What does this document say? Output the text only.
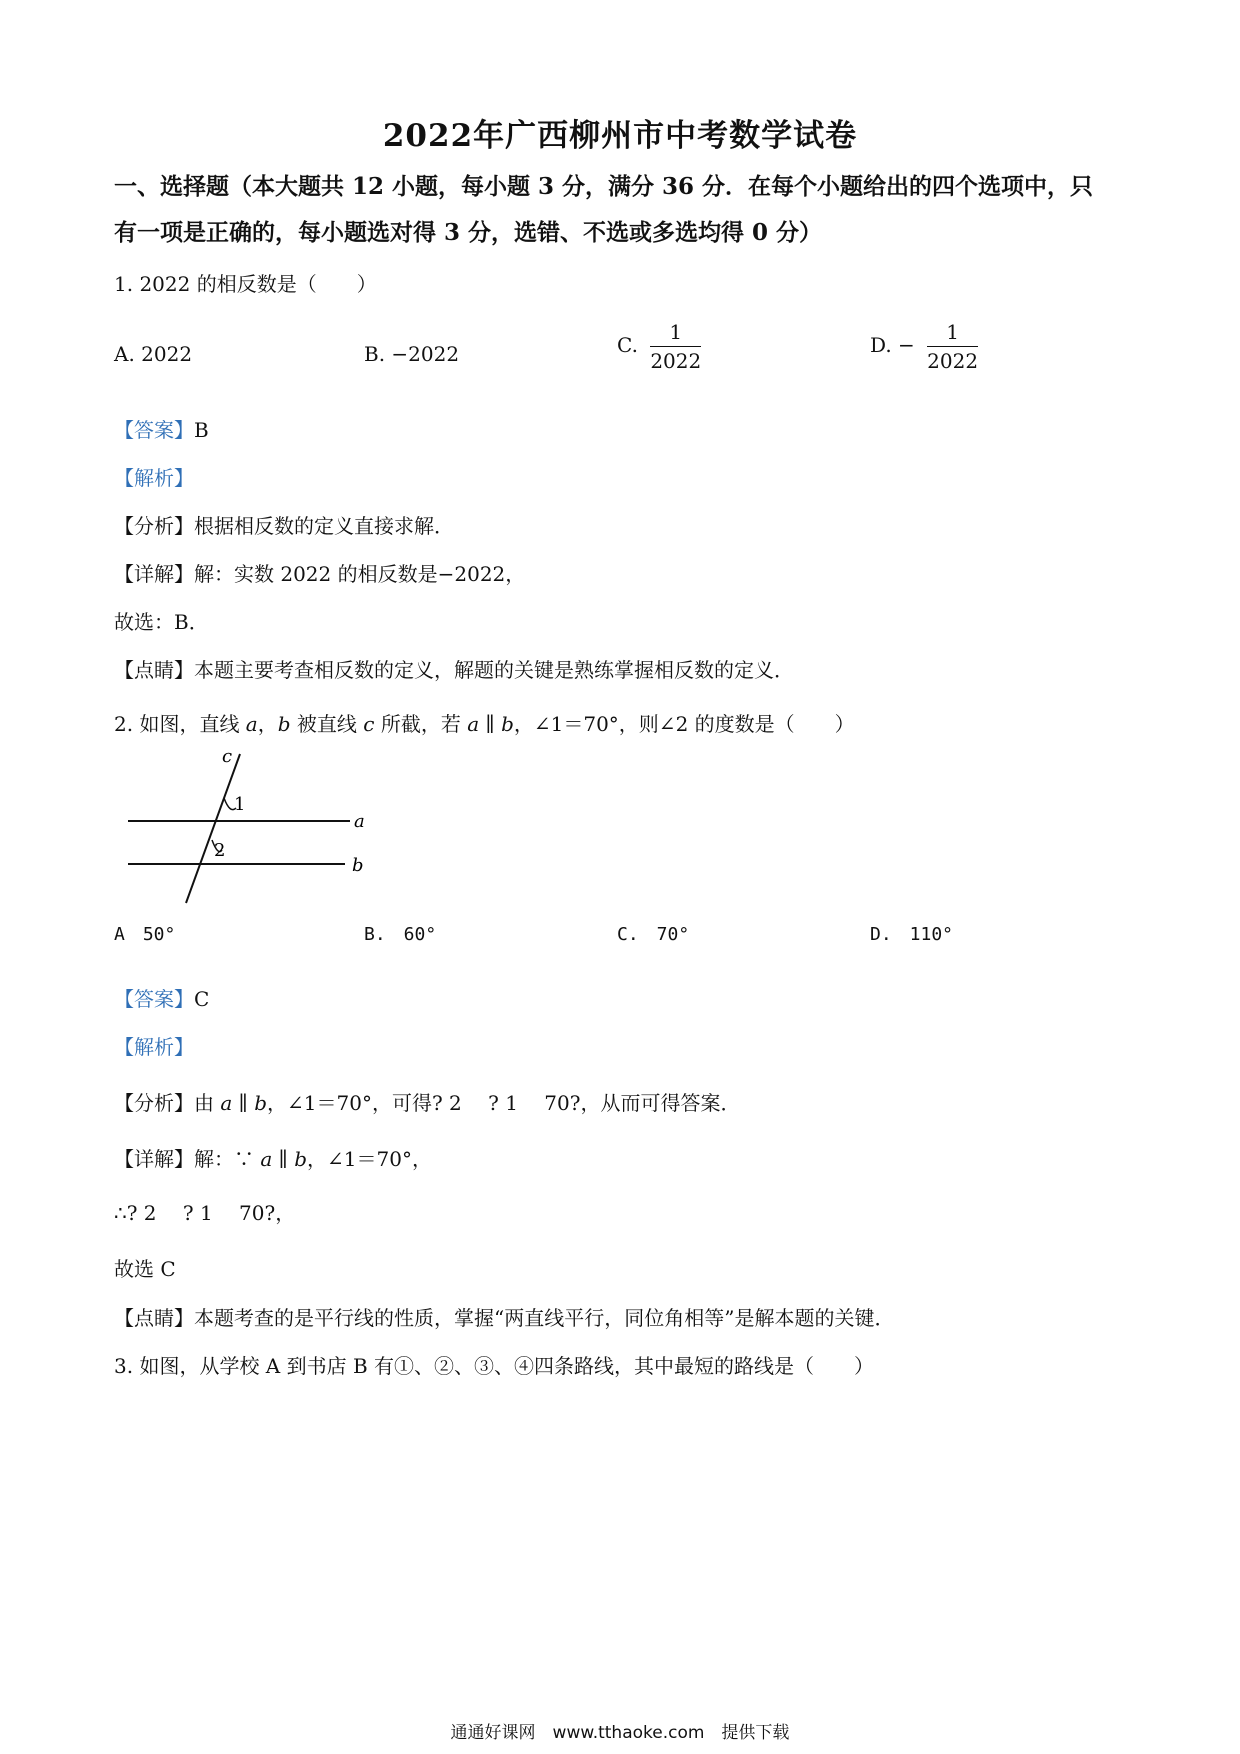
2022年广西柳州市中考数学试卷
一、选择题（本大题共 12 小题，每小题 3 分，满分 36 分．在每个小题给出的四个选项中，只
有一项是正确的，每小题选对得 3 分，选错、不选或多选均得 0 分）
1. 2022 的相反数是（　　）
A. 2022	B. −2022	C. $\frac{1}{2022}$	D. − $\frac{1}{2022}$
【答案】B
【解析】
【分析】根据相反数的定义直接求解．
【详解】解：实数 2022 的相反数是−2022，
故选：B．
【点睛】本题主要考查相反数的定义，解题的关键是熟练掌握相反数的定义．
2. 如图，直线 a，b 被直线 c 所截，若 a ∥ b，∠1＝70°，则∠2 的度数是（　　）
c
1
2
a
b
A　50°	B.　60°	C.　70°	D.　110°
【答案】C
【解析】
【分析】由 a ∥ b，∠1＝70°，可得? 2　 ? 1　 70?，从而可得答案．
【详解】解：∵ a ∥ b，∠1＝70°，
∴? 2　 ? 1　 70?，
故选 C
【点睛】本题考查的是平行线的性质，掌握“两直线平行，同位角相等”是解本题的关键．
3. 如图，从学校 A 到书店 B 有①、②、③、④四条路线，其中最短的路线是（　　）
通通好课网　www.tthaoke.com　提供下载
